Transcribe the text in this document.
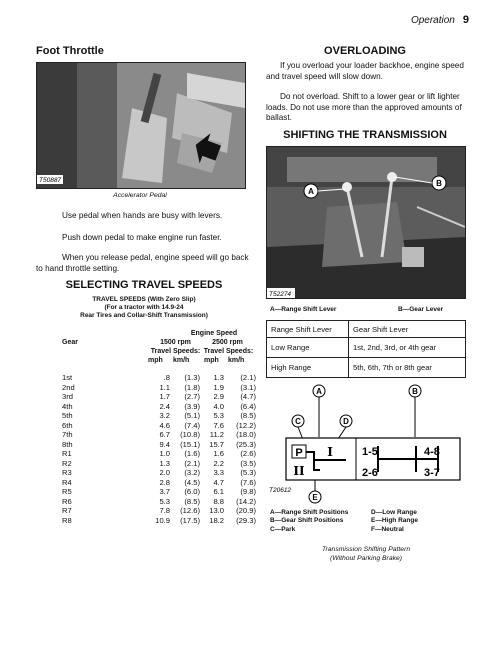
Operation 9
Foot Throttle
T50887
Accelerator Pedal

Use pedal when hands are busy with levers.

Push down pedal to make engine run faster.

When you release pedal, engine speed will go back to hand throttle setting.

SELECTING TRAVEL SPEEDS
TRAVEL SPEEDS (With Zero Slip)
(For a tractor with 14.9-24
Rear Tires and Collar-Shift Transmission)
Engine Speed
Gear	1500 rpm	2500 rpm
Travel Speeds: Travel Speeds:
mph km/h mph km/h
1st	.8	(1.3)	1.3	(2.1)
2nd	1.1	(1.8)	1.9	(3.1)
3rd	1.7	(2.7)	2.9	(4.7)
4th	2.4	(3.9)	4.0	(6.4)
5th	3.2	(5.1)	5.3	(8.5)
6th	4.6	(7.4)	7.6	(12.2)
7th	6.7	(10.8)	11.2	(18.0)
8th	9.4	(15.1)	15.7	(25.3)
R1	1.0	(1.6)	1.6	(2.6)
R2	1.3	(2.1)	2.2	(3.5)
R3	2.0	(3.2)	3.3	(5.3)
R4	2.8	(4.5)	4.7	(7.6)
R5	3.7	(6.0)	6.1	(9.8)
R6	5.3	(8.5)	8.8	(14.2)
R7	7.8	(12.6)	13.0	(20.9)
R8	10.9	(17.5)	18.2	(29.3)
OVERLOADING

If you overload your loader backhoe, engine speed and travel speed will slow down.

Do not overload. Shift to a lower gear or lift lighter loads. Do not use more than the approved amounts of ballast.

SHIFTING THE TRANSMISSION
A
B
T52274
A—Range Shift Lever	B—Gear Lever
Range Shift Lever	Gear Shift Lever
Low Range	1st, 2nd, 3rd, or 4th gear
High Range	5th, 6th, 7th or 8th gear
A	B
C	D
E
P
II
I	1-5
2-6
4-8
3-7
T20612
A—Range Shift Positions
B—Gear Shift Positions
C—Park
D—Low Range
E—High Range
F—Neutral
Transmission Shifting Pattern
(Without Parking Brake)
